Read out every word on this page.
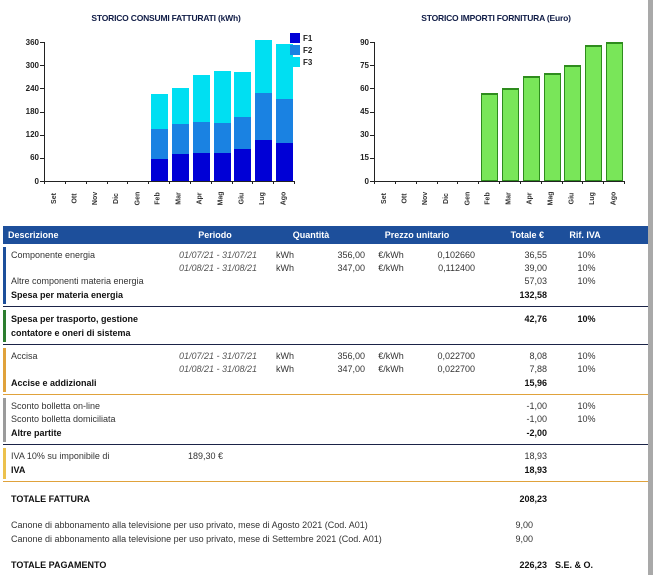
STORICO CONSUMI FATTURATI (kWh)
F1
F2
F3
0
60
120
180
240
300
360
Set Ott Nov Dic Gen Feb Mar Apr Mag Giu Lug Ago
STORICO IMPORTI FORNITURA (Euro)
0
15
30
45
60
75
90
Set Ott Nov Dic Gen Feb Mar Apr Mag Giu Lug Ago
Descrizione	Periodo	Quantità	Prezzo unitario	Totale €	Rif. IVA
Componente energia	01/07/21 - 31/07/21	kWh	356,00	€/kWh	0,102660	36,55	10%
01/08/21 - 31/08/21	kWh	347,00	€/kWh	0,112400	39,00	10%
Altre componenti materia energia	57,03	10%
Spesa per materia energia	132,58
Spesa per trasporto, gestione contatore e oneri di sistema
42,76	10%
Accisa	01/07/21 - 31/07/21	kWh	356,00	€/kWh	0,022700	8,08	10%
01/08/21 - 31/08/21	kWh	347,00	€/kWh	0,022700	7,88	10%
Accise e addizionali	15,96
Sconto bolletta on-line	-1,00	10%
Sconto bolletta domiciliata	-1,00	10%
Altre partite	-2,00
IVA 10% su imponibile di	189,30 €	18,93
IVA	18,93
TOTALE FATTURA	208,23
Canone di abbonamento alla televisione per uso privato, mese di Agosto 2021 (Cod. A01)	9,00
Canone di abbonamento alla televisione per uso privato, mese di Settembre 2021 (Cod. A01)	9,00
TOTALE PAGAMENTO	226,23 S.E. & O.
